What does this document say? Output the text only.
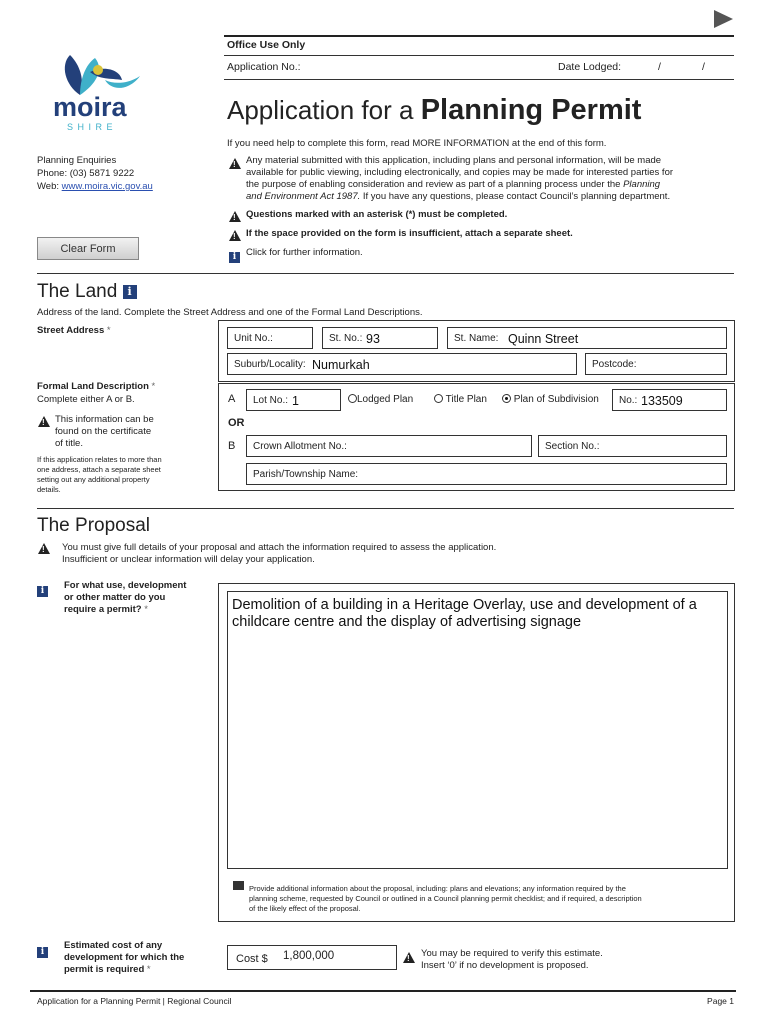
Office Use Only
Application No.:	Date Lodged:	/	/
moira
S H I R E
Application for a Planning Permit
If you need help to complete this form, read MORE INFORMATION at the end of this form.
Planning Enquiries
Phone: (03) 5871 9222
Web: www.moira.vic.gov.au
!
Any material submitted with this application, including plans and personal information, will be made
available for public viewing, including electronically, and copies may be made for interested parties for
the purpose of enabling consideration and review as part of a planning process under the Planning
and Environment Act 1987. If you have any questions, please contact Council’s planning department.
!
Questions marked with an asterisk (*) must be completed.
!
If the space provided on the form is insufficient, attach a separate sheet.
i	Click for further information.
Clear Form
The Land i
Address of the land. Complete the Street Address and one of the Formal Land Descriptions.
Street Address *
Unit No.:	St. No.: 93	St. Name: Quinn Street
Suburb/Locality: Numurkah	Postcode:
Formal Land Description *
Complete either A or B.
!
This information can be
found on the certificate
of title.
If this application relates to more than
one address, attach a separate sheet
setting out any additional property
details.
A Lot No.: 1	Lodged Plan	Title Plan	Plan of Subdivision No.: 133509
OR
B Crown Allotment No.:	Section No.:
Parish/Township Name:
The Proposal
!
You must give full details of your proposal and attach the information required to assess the application.
Insufficient or unclear information will delay your application.
i	For what use, development
or other matter do you
require a permit? *	Demolition of a building in a Heritage Overlay, use and development of a childcare centre and the display of advertising signage
Provide additional information about the proposal, including: plans and elevations; any information required by the
planning scheme, requested by Council or outlined in a Council planning permit checklist; and if required, a description
of the likely effect of the proposal.
i
Estimated cost of any
development for which the
permit is required *
Cost $ 1,800,000
!	You may be required to verify this estimate.
Insert ‘0’ if no development is proposed.
Application for a Planning Permit | Regional Council	Page 1
